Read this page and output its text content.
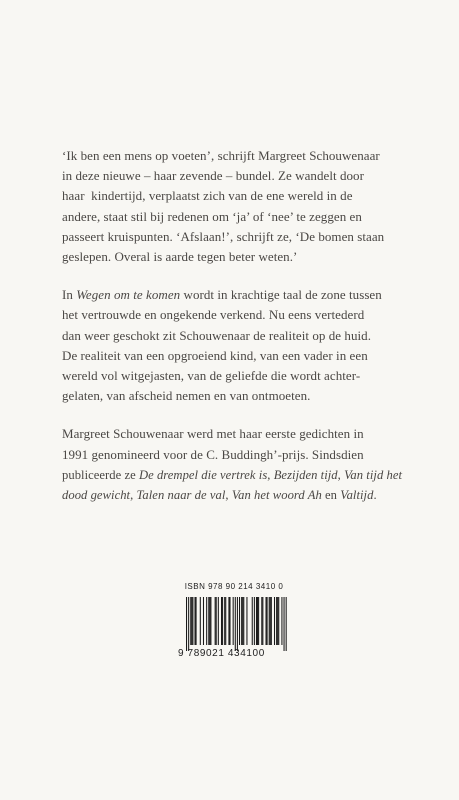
‘Ik ben een mens op voeten’, schrijft Margreet Schouwenaar
in deze nieuwe – haar zevende – bundel. Ze wandelt door
haar  kindertijd, verplaatst zich van de ene wereld in de
andere, staat stil bij redenen om ‘ja’ of ‘nee’ te zeggen en
passeert kruispunten. ‘Afslaan!’, schrijft ze, ‘De bomen staan
geslepen. Overal is aarde tegen beter weten.’

In Wegen om te komen wordt in krachtige taal de zone tussen
het vertrouwde en ongekende verkend. Nu eens vertederd
dan weer geschokt zit Schouwenaar de realiteit op de huid.
De realiteit van een opgroeiend kind, van een vader in een
wereld vol witgejasten, van de geliefde die wordt achter-
gelaten, van afscheid nemen en van ontmoeten.

Margreet Schouwenaar werd met haar eerste gedichten in
1991 genomineerd voor de C. Buddingh’-prijs. Sindsdien
publiceerde ze De drempel die vertrek is, Bezijden tijd, Van tijd het
dood gewicht, Talen naar de val, Van het woord Ah en Valtijd.

ISBN 978 90 214 3410 0
9 789021 434100
